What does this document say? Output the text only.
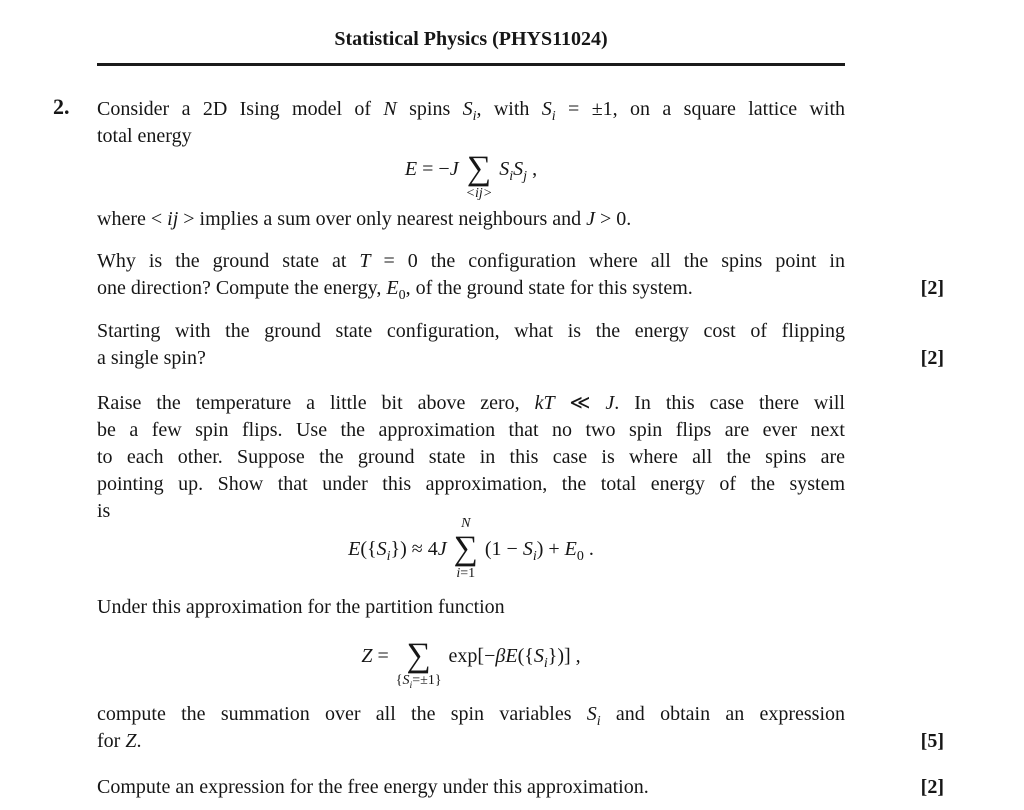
Statistical Physics (PHYS11024)
2. Consider a 2D Ising model of N spins $S_i$, with $S_i = \pm 1$, on a square lattice with
total energy
E = −J ∑
<ij>
$S_iS_j$ ,
where < ij > implies a sum over only nearest neighbours and J > 0.
Why is the ground state at T = 0 the configuration where all the spins point in
one direction? Compute the energy, $E_0$, of the ground state for this system.	[2]
Starting with the ground state configuration, what is the energy cost of flipping
a single spin?	[2]
Raise the temperature a little bit above zero, kT ≪ J. In this case there will
be a few spin flips. Use the approximation that no two spin flips are ever next
to each other. Suppose the ground state in this case is where all the spins are
pointing up. Show that under this approximation, the total energy of the system
is
$E(\{S_i\}) \approx 4J$
N
∑
i=1
$(1 - S_i) + E_0$ .
Under this approximation for the partition function
Z = ∑
$\{S_i=\pm 1\}$
$\exp[-\beta E(\{S_i\})]$ ,
compute the summation over all the spin variables $S_i$ and obtain an expression
for Z.	[5]
Compute an expression for the free energy under this approximation.	[2]
